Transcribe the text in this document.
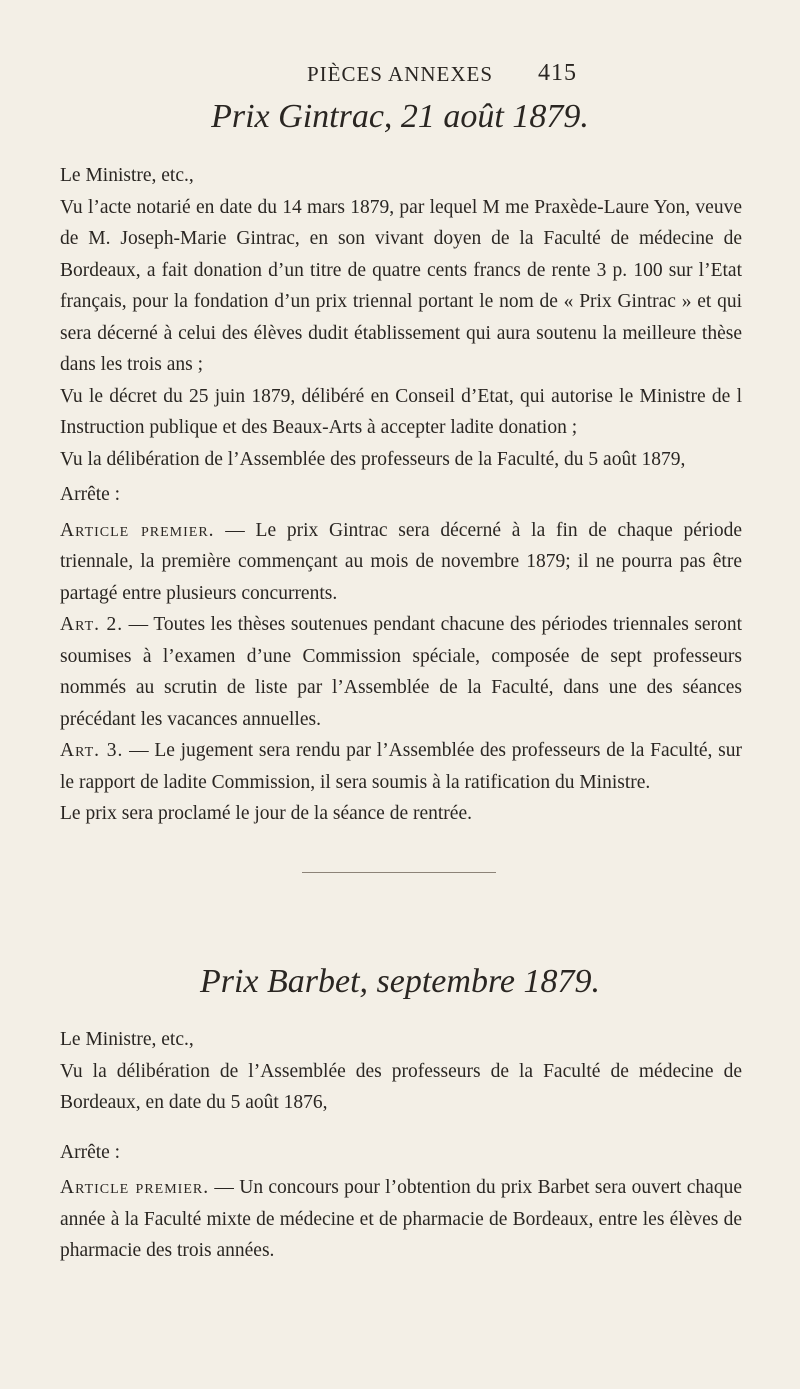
PIÈCES ANNEXES	415
Prix Gintrac, 21 août 1879.

Le Ministre, etc.,

Vu l’acte notarié en date du 14 mars 1879, par lequel M me Praxède-Laure Yon, veuve de M. Joseph-Marie Gintrac, en son vivant doyen de la Faculté de médecine de Bordeaux, a fait donation d’un titre de quatre cents francs de rente 3 p. 100 sur l’Etat français, pour la fondation d’un prix triennal portant le nom de « Prix Gintrac » et qui sera décerné à celui des élèves dudit établissement qui aura soutenu la meilleure thèse dans les trois ans ;

Vu le décret du 25 juin 1879, délibéré en Conseil d’Etat, qui autorise le Ministre de l Instruction publique et des Beaux-Arts à accepter ladite donation ;

Vu la délibération de l’Assemblée des professeurs de la Faculté, du 5 août 1879,

Arrête :

Article premier. — Le prix Gintrac sera décerné à la fin de chaque période triennale, la première commençant au mois de novembre 1879; il ne pourra pas être partagé entre plusieurs concurrents.

Art. 2. — Toutes les thèses soutenues pendant chacune des périodes triennales seront soumises à l’examen d’une Commission spéciale, composée de sept professeurs nommés au scrutin de liste par l’Assemblée de la Faculté, dans une des séances précédant les vacances annuelles.

Art. 3. — Le jugement sera rendu par l’Assemblée des professeurs de la Faculté, sur le rapport de ladite Commission, il sera soumis à la ratification du Ministre.

Le prix sera proclamé le jour de la séance de rentrée.

Prix Barbet, septembre 1879.

Le Ministre, etc.,

Vu la délibération de l’Assemblée des professeurs de la Faculté de médecine de Bordeaux, en date du 5 août 1876,

Arrête :

Article premier. — Un concours pour l’obtention du prix Barbet sera ouvert chaque année à la Faculté mixte de médecine et de pharmacie de Bordeaux, entre les élèves de pharmacie des trois années.
